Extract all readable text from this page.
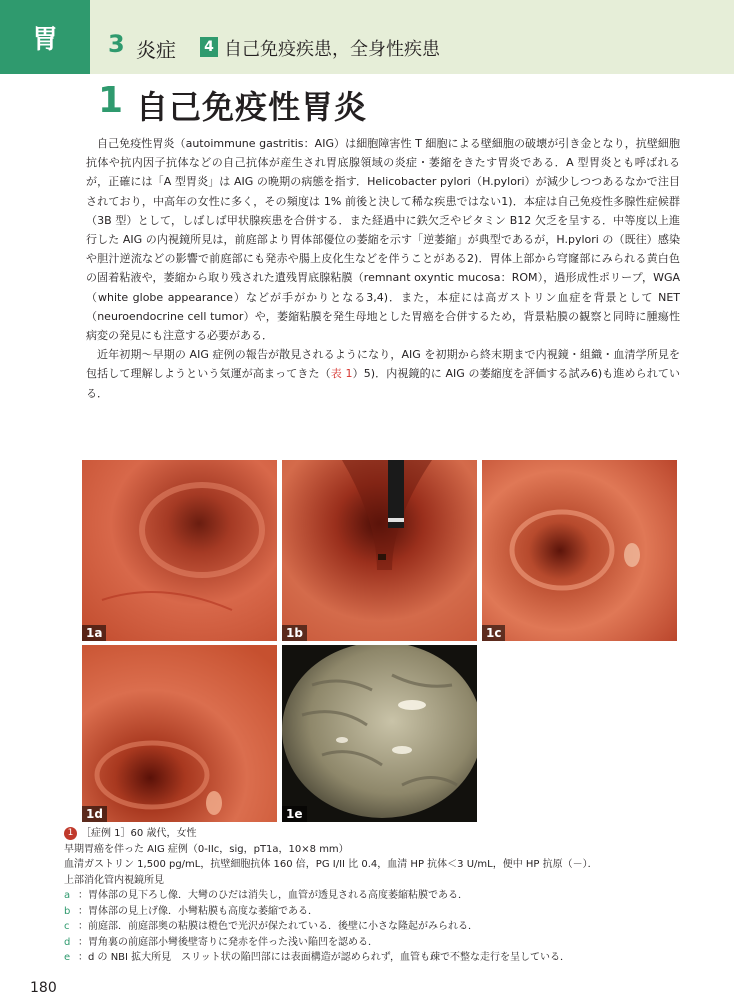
胃	3 炎症 4 自己免疫疾患，全身性疾患
1 自己免疫性胃炎

自己免疫性胃炎（autoimmune gastritis：AIG）は細胞障害性 T 細胞による壁細胞の破壊が引き金となり，抗壁細胞抗体や抗内因子抗体などの自己抗体が産生され胃底腺領域の炎症・萎縮をきたす胃炎である．A 型胃炎とも呼ばれるが，正確には「A 型胃炎」は AIG の晩期の病態を指す．Helicobacter pylori（H.pylori）が減少しつつあるなかで注目されており，中高年の女性に多く，その頻度は 1% 前後と決して稀な疾患ではない1)．本症は自己免疫性多腺性症候群（3B 型）として，しばしば甲状腺疾患を合併する．また経過中に鉄欠乏やビタミン B12 欠乏を呈する．中等度以上進行した AIG の内視鏡所見は，前庭部より胃体部優位の萎縮を示す「逆萎縮」が典型であるが，H.pylori の（既往）感染や胆汁逆流などの影響で前庭部にも発赤や腸上皮化生などを伴うことがある2)．胃体上部から穹窿部にみられる黄白色の固着粘液や，萎縮から取り残された遺残胃底腺粘膜（remnant oxyntic mucosa：ROM），過形成性ポリープ，WGA（white globe appearance）などが手がかりとなる3,4)．また，本症には高ガストリン血症を背景として NET（neuroendocrine cell tumor）や，萎縮粘膜を発生母地とした胃癌を合併するため，背景粘膜の観察と同時に腫瘍性病変の発見にも注意する必要がある．

近年初期〜早期の AIG 症例の報告が散見されるようになり，AIG を初期から終末期まで内視鏡・組織・血清学所見を包括して理解しようという気運が高まってきた（表 1）5)．内視鏡的に AIG の萎縮度を評価する試み6)も進められている．

1a	1b	1c
1d	1e
1 ［症例 1］60 歳代，女性
早期胃癌を伴った AIG 症例（0-IIc，sig，pT1a，10×8 mm）
血清ガストリン 1,500 pg/mL，抗壁細胞抗体 160 倍，PG I/II 比 0.4，血清 HP 抗体＜3 U/mL，便中 HP 抗原（－）．
上部消化管内視鏡所見
a ：胃体部の見下ろし像．大彎のひだは消失し，血管が透見される高度萎縮粘膜である．
b ：胃体部の見上げ像．小彎粘膜も高度な萎縮である．
c ：前庭部．前庭部奥の粘膜は橙色で光沢が保たれている．後壁に小さな隆起がみられる．
d ：胃角裏の前庭部小彎後壁寄りに発赤を伴った浅い陥凹を認める．
e ：d の NBI 拡大所見　スリット状の陥凹部には表面構造が認められず，血管も疎で不整な走行を呈している．
180
